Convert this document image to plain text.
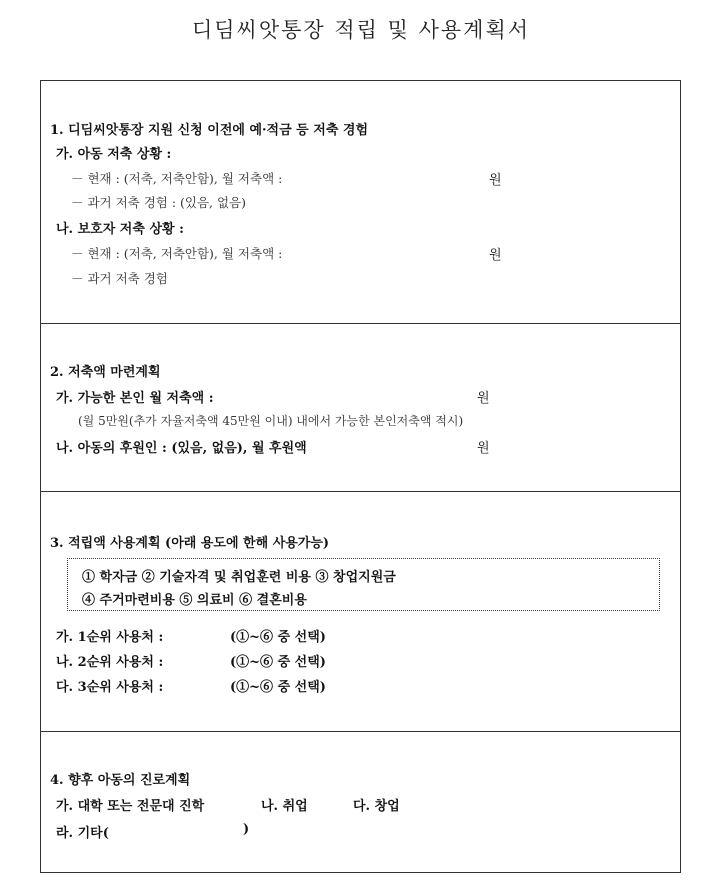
디딤씨앗통장 적립 및 사용계획서
1. 디딤씨앗통장 지원 신청 이전에 예·적금 등 저축 경험
가. 아동 저축 상황 :
－ 현재 : (저축, 저축안함), 월 저축액 :	원
－ 과거 저축 경험 : (있음, 없음)
나. 보호자 저축 상황 :
－ 현재 : (저축, 저축안함), 월 저축액 :	원
－ 과거 저축 경험
2. 저축액 마련계획
가. 가능한 본인 월 저축액 :	원
(월 5만원(추가 자율저축액 45만원 이내) 내에서 가능한 본인저축액 적시)
나. 아동의 후원인 : (있음, 없음), 월 후원액	원
3. 적립액 사용계획 (아래 용도에 한해 사용가능)
① 학자금 ② 기술자격 및 취업훈련 비용 ③ 창업지원금
④ 주거마련비용 ⑤ 의료비 ⑥ 결혼비용
가. 1순위 사용처 :	(①~⑥ 중 선택)
나. 2순위 사용처 :	(①~⑥ 중 선택)
다. 3순위 사용처 :	(①~⑥ 중 선택)
4. 향후 아동의 진로계획
가. 대학 또는 전문대 진학	나. 취업	다. 창업
라. 기타(	)
